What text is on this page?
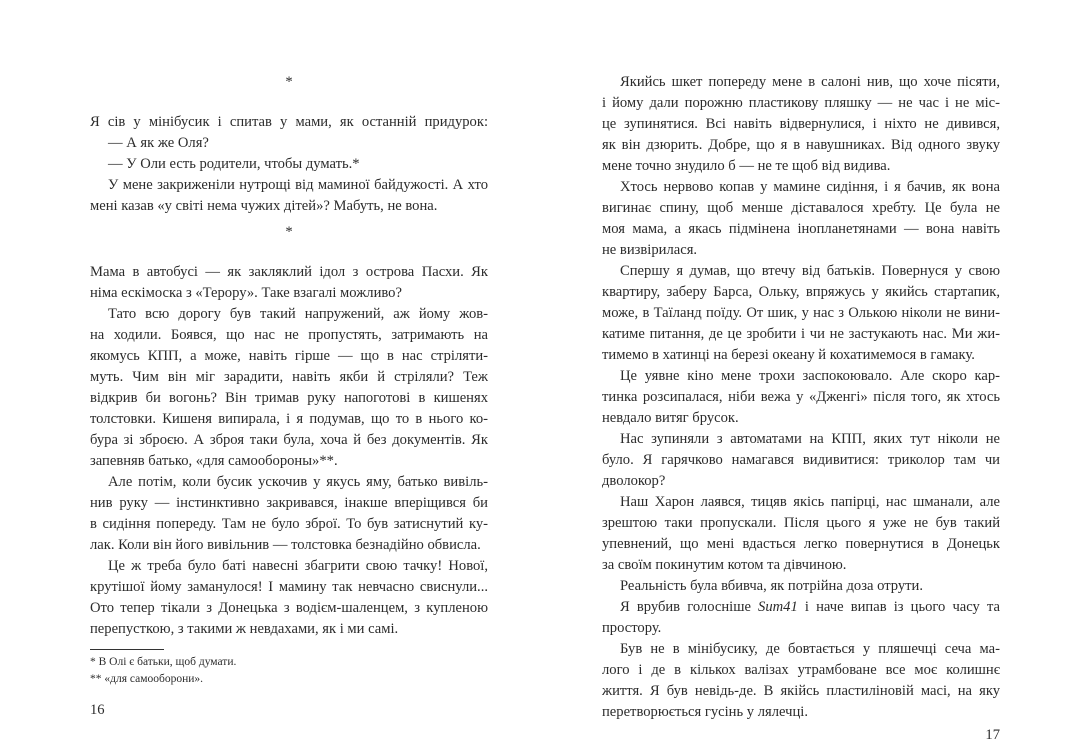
*
Я сів у мінібусик і спитав у мами, як останній придурок:
— А як же Оля?
— У Оли есть родители, чтобы думать.*
У мене закриженіли нутрощі від маминої байдужості. А хто
мені казав «у світі нема чужих дітей»? Мабуть, не вона.
*
Мама в автобусі — як закляклий ідол з острова Пасхи. Як
німа ескімоска з «Терору». Таке взагалі можливо?
Тато всю дорогу був такий напружений, аж йому жов-
на ходили. Боявся, що нас не пропустять, затримають на
якомусь КПП, а може, навіть гірше — що в нас стріляти-
муть. Чим він міг зарадити, навіть якби й стріляли? Теж
відкрив би вогонь? Він тримав руку напоготові в кишенях
толстовки. Кишеня випирала, і я подумав, що то в нього ко-
бура зі зброєю. А зброя таки була, хоча й без документів. Як
запевняв батько, «для самообороны»**.
Але потім, коли бусик ускочив у якусь яму, батько вивіль-
нив руку — інстинктивно закривався, інакше вперіщився би
в сидіння попереду. Там не було зброї. То був затиснутий ку-
лак. Коли він його вивільнив — толстовка безнадійно обвисла.
Це ж треба було баті навесні збагрити свою тачку! Нової,
крутішої йому заманулося! І мамину так невчасно свиснули...
Ото тепер тікали з Донецька з водієм-шаленцем, з купленою
перепусткою, з такими ж невдахами, як і ми самі.
* В Олі є батьки, щоб думати.
** «для самооборони».
16
Якийсь шкет попереду мене в салоні нив, що хоче пісяти,
і йому дали порожню пластикову пляшку — не час і не міс-
це зупинятися. Всі навіть відвернулися, і ніхто не дивився,
як він дзюрить. Добре, що я в навушниках. Від одного звуку
мене точно знудило б — не те щоб від видива.
Хтось нервово копав у мамине сидіння, і я бачив, як вона
вигинає спину, щоб менше діставалося хребту. Це була не
моя мама, а якась підмінена інопланетянами — вона навіть
не визвірилася.
Спершу я думав, що втечу від батьків. Повернуся у свою
квартиру, заберу Барса, Ольку, впряжусь у якийсь стартапик,
може, в Таїланд поїду. От шик, у нас з Олькою ніколи не вини-
катиме питання, де це зробити і чи не застукають нас. Ми жи-
тимемо в хатинці на березі океану й кохатимемося в гамаку.
Це уявне кіно мене трохи заспокоювало. Але скоро кар-
тинка розсипалася, ніби вежа у «Дженгі» після того, як хтось
невдало витяг брусок.
Нас зупиняли з автоматами на КПП, яких тут ніколи не
було. Я гарячково намагався видивитися: триколор там чи
дволокор?
Наш Харон лаявся, тицяв якісь папірці, нас шманали, але
зрештою таки пропускали. Після цього я уже не був такий
упевнений, що мені вдасться легко повернутися в Донецьк
за своїм покинутим котом та дівчиною.
Реальність була вбивча, як потрійна доза отрути.
Я врубив голосніше Sum41 і наче випав із цього часу та
простору.
Був не в мінібусику, де бовтається у пляшечці сеча ма-
лого і де в кількох валізах утрамбоване все моє колишнє
життя. Я був невідь-де. В якійсь пластиліновій масі, на яку
перетворюється гусінь у лялечці.
17
